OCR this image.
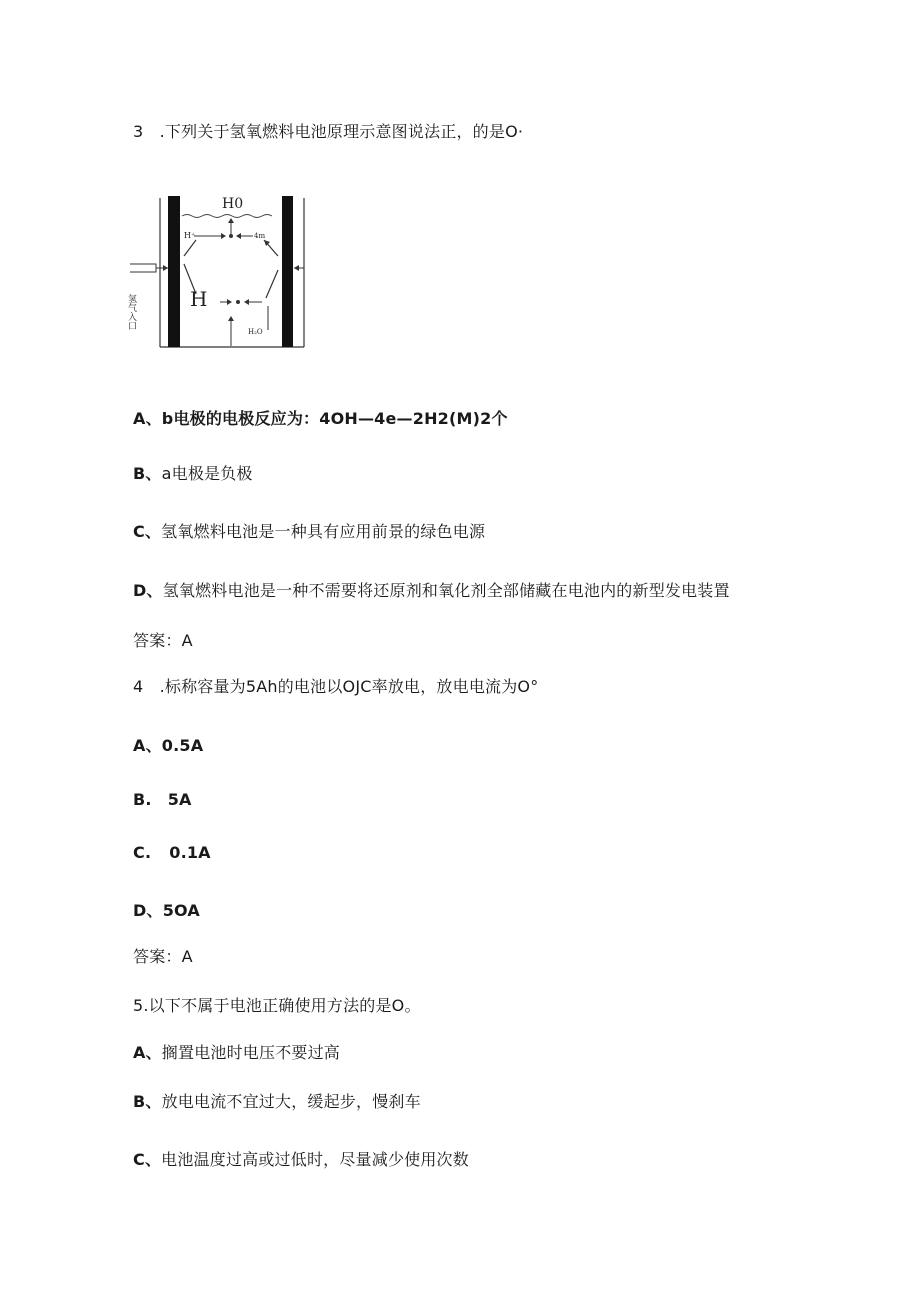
3　.下列关于氢氧燃料电池原理示意图说法正，的是O·
H0
H⁺	4m
H
H₂O
氢气入口
A、b电极的电极反应为：4OH—4e—2H2(M)2个
B、a电极是负极
C、氢氧燃料电池是一种具有应用前景的绿色电源
D、氢氧燃料电池是一种不需要将还原剂和氧化剂全部储藏在电池内的新型发电装置
答案：A
4　.标称容量为5Ah的电池以OJC率放电，放电电流为O°
A、0.5A
B. 5A
C. 0.1A
D、5OA
答案：A
5.以下不属于电池正确使用方法的是O。
A、搁置电池时电压不要过高
B、放电电流不宜过大，缓起步，慢刹车
C、电池温度过高或过低时，尽量减少使用次数
